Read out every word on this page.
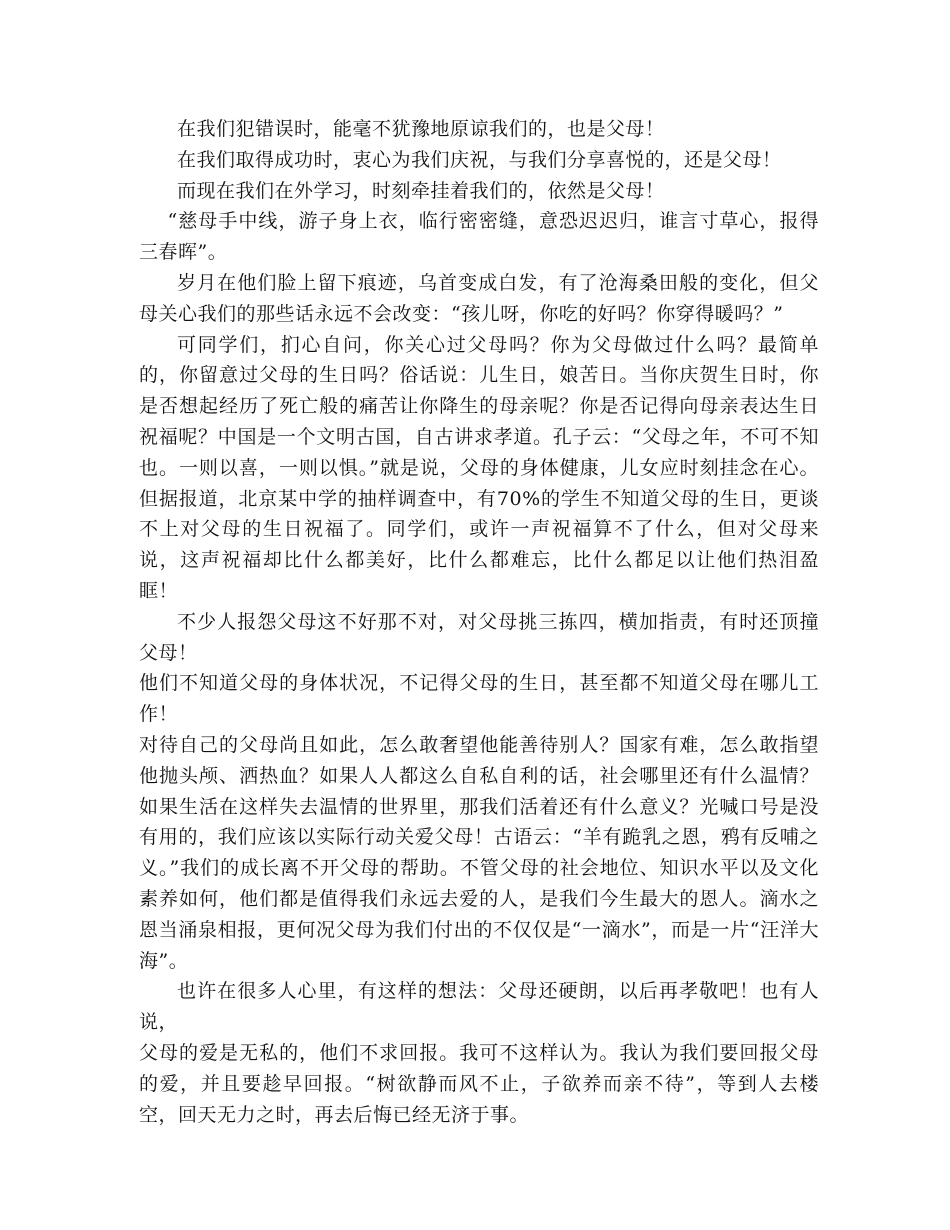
在我们犯错误时，能毫不犹豫地原谅我们的，也是父母！

在我们取得成功时，衷心为我们庆祝，与我们分享喜悦的，还是父母！

而现在我们在外学习，时刻牵挂着我们的，依然是父母！

“慈母手中线，游子身上衣，临行密密缝，意恐迟迟归，谁言寸草心，报得三春晖”。

岁月在他们脸上留下痕迹，乌首变成白发，有了沧海桑田般的变化，但父母关心我们的那些话永远不会改变：“孩儿呀，你吃的好吗？你穿得暖吗？”

可同学们，扪心自问，你关心过父母吗？你为父母做过什么吗？最简单的，你留意过父母的生日吗？俗话说：儿生日，娘苦日。当你庆贺生日时，你是否想起经历了死亡般的痛苦让你降生的母亲呢？你是否记得向母亲表达生日祝福呢？中国是一个文明古国，自古讲求孝道。孔子云：“父母之年，不可不知也。一则以喜，一则以惧。”就是说，父母的身体健康，儿女应时刻挂念在心。但据报道，北京某中学的抽样调查中，有70%的学生不知道父母的生日，更谈不上对父母的生日祝福了。同学们，或许一声祝福算不了什么，但对父母来说，这声祝福却比什么都美好，比什么都难忘，比什么都足以让他们热泪盈眶！

不少人报怨父母这不好那不对，对父母挑三拣四，横加指责，有时还顶撞父母！

他们不知道父母的身体状况，不记得父母的生日，甚至都不知道父母在哪儿工作！

对待自己的父母尚且如此，怎么敢奢望他能善待别人？国家有难，怎么敢指望他抛头颅、洒热血？如果人人都这么自私自利的话，社会哪里还有什么温情？如果生活在这样失去温情的世界里，那我们活着还有什么意义？光喊口号是没有用的，我们应该以实际行动关爱父母！古语云：“羊有跪乳之恩，鸦有反哺之义。”我们的成长离不开父母的帮助。不管父母的社会地位、知识水平以及文化素养如何，他们都是值得我们永远去爱的人，是我们今生最大的恩人。滴水之恩当涌泉相报，更何况父母为我们付出的不仅仅是“一滴水”，而是一片“汪洋大海”。

也许在很多人心里，有这样的想法：父母还硬朗，以后再孝敬吧！也有人说，

父母的爱是无私的，他们不求回报。我可不这样认为。我认为我们要回报父母的爱，并且要趁早回报。“树欲静而风不止，子欲养而亲不待”，等到人去楼空，回天无力之时，再去后悔已经无济于事。
